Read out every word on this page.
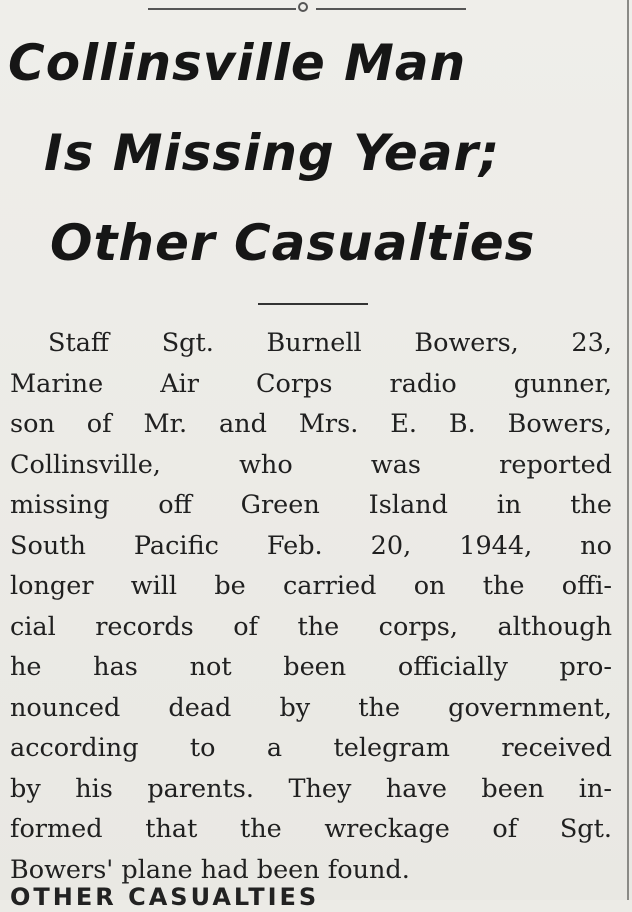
Collinsville Man
Is Missing Year;
Other Casualties
Staff Sgt. Burnell Bowers, 23,
Marine Air Corps radio gunner,
son of Mr. and Mrs. E. B. Bowers,
Collinsville, who was reported
missing off Green Island in the
South Pacific Feb. 20, 1944, no
longer will be carried on the offi-
cial records of the corps, although
he has not been officially pro-
nounced dead by the government,
according to a telegram received
by his parents. They have been in-
formed that the wreckage of Sgt.
Bowers' plane had been found.
OTHER CASUALTIES
